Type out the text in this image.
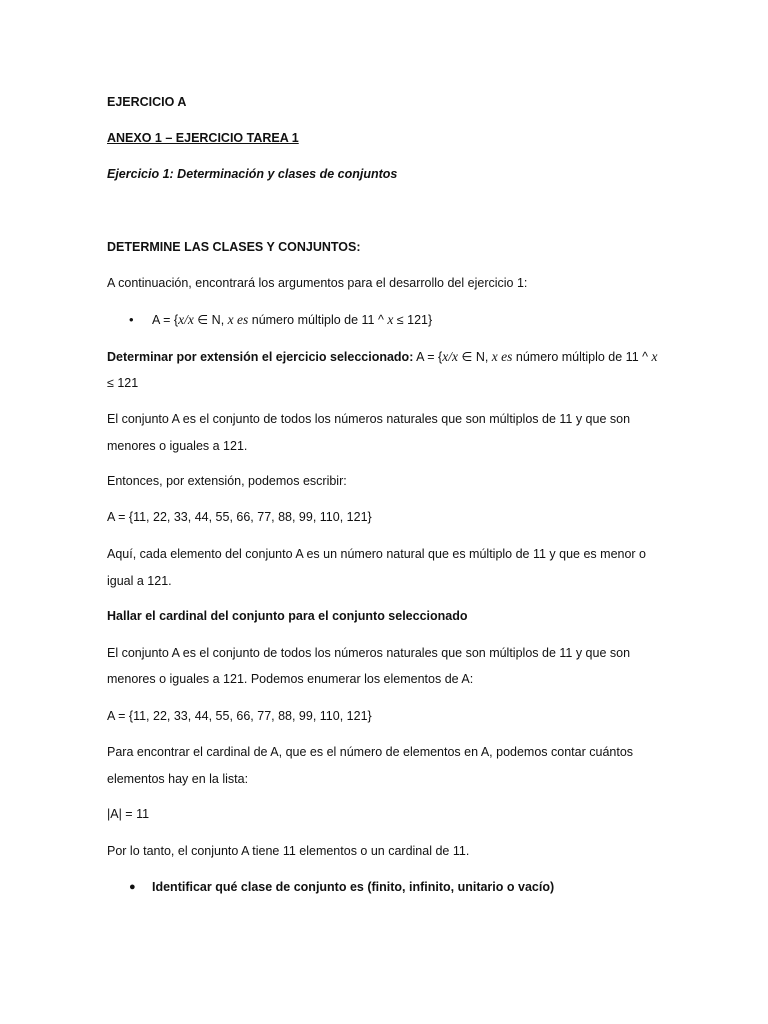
EJERCICIO A
ANEXO 1 – EJERCICIO TAREA 1
Ejercicio 1: Determinación y clases de conjuntos
DETERMINE LAS CLASES Y CONJUNTOS:
A continuación, encontrará los argumentos para el desarrollo del ejercicio 1:
• A = {x/x ∈ N, x es número múltiplo de 11 ^ x ≤ 121}
Determinar por extensión el ejercicio seleccionado: A = {x/x ∈ N, x es número múltiplo de 11 ^ x
≤ 121
El conjunto A es el conjunto de todos los números naturales que son múltiplos de 11 y que son
menores o iguales a 121.
Entonces, por extensión, podemos escribir:
A = {11, 22, 33, 44, 55, 66, 77, 88, 99, 110, 121}
Aquí, cada elemento del conjunto A es un número natural que es múltiplo de 11 y que es menor o
igual a 121.
Hallar el cardinal del conjunto para el conjunto seleccionado
El conjunto A es el conjunto de todos los números naturales que son múltiplos de 11 y que son
menores o iguales a 121. Podemos enumerar los elementos de A:
A = {11, 22, 33, 44, 55, 66, 77, 88, 99, 110, 121}
Para encontrar el cardinal de A, que es el número de elementos en A, podemos contar cuántos
elementos hay en la lista:
|A| = 11
Por lo tanto, el conjunto A tiene 11 elementos o un cardinal de 11.
● Identificar qué clase de conjunto es (finito, infinito, unitario o vacío)
